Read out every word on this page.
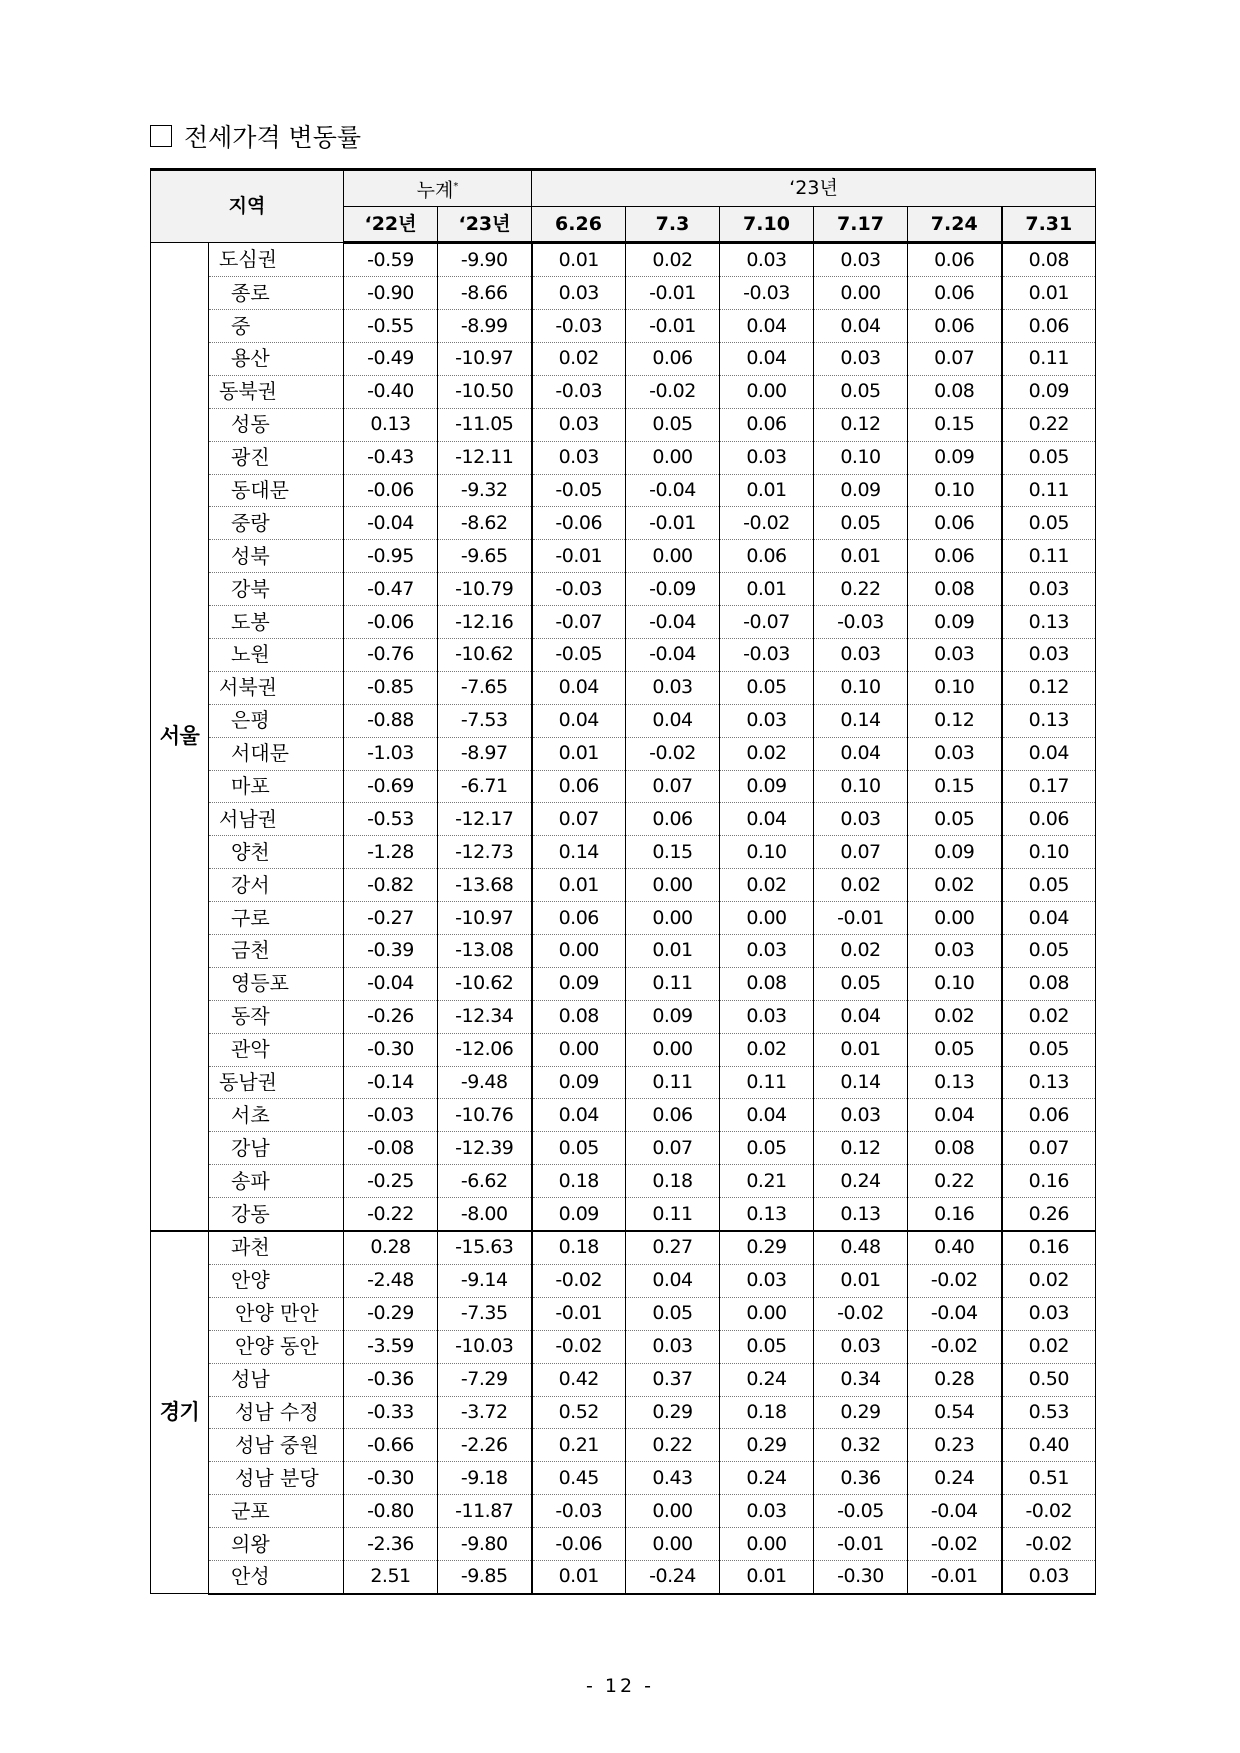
전세가격 변동률
지역		누계*		‘23년					
		‘22년	‘23년	6.26	7.3	7.10	7.17	7.24	7.31
서울	도심권	-0.59	-9.90	0.01	0.02	0.03	0.03	0.06	0.08
	종로	-0.90	-8.66	0.03	-0.01	-0.03	0.00	0.06	0.01
	중	-0.55	-8.99	-0.03	-0.01	0.04	0.04	0.06	0.06
	용산	-0.49	-10.97	0.02	0.06	0.04	0.03	0.07	0.11
	동북권	-0.40	-10.50	-0.03	-0.02	0.00	0.05	0.08	0.09
	성동	0.13	-11.05	0.03	0.05	0.06	0.12	0.15	0.22
	광진	-0.43	-12.11	0.03	0.00	0.03	0.10	0.09	0.05
	동대문	-0.06	-9.32	-0.05	-0.04	0.01	0.09	0.10	0.11
	중랑	-0.04	-8.62	-0.06	-0.01	-0.02	0.05	0.06	0.05
	성북	-0.95	-9.65	-0.01	0.00	0.06	0.01	0.06	0.11
	강북	-0.47	-10.79	-0.03	-0.09	0.01	0.22	0.08	0.03
	도봉	-0.06	-12.16	-0.07	-0.04	-0.07	-0.03	0.09	0.13
	노원	-0.76	-10.62	-0.05	-0.04	-0.03	0.03	0.03	0.03
	서북권	-0.85	-7.65	0.04	0.03	0.05	0.10	0.10	0.12
	은평	-0.88	-7.53	0.04	0.04	0.03	0.14	0.12	0.13
	서대문	-1.03	-8.97	0.01	-0.02	0.02	0.04	0.03	0.04
	마포	-0.69	-6.71	0.06	0.07	0.09	0.10	0.15	0.17
	서남권	-0.53	-12.17	0.07	0.06	0.04	0.03	0.05	0.06
	양천	-1.28	-12.73	0.14	0.15	0.10	0.07	0.09	0.10
	강서	-0.82	-13.68	0.01	0.00	0.02	0.02	0.02	0.05
	구로	-0.27	-10.97	0.06	0.00	0.00	-0.01	0.00	0.04
	금천	-0.39	-13.08	0.00	0.01	0.03	0.02	0.03	0.05
	영등포	-0.04	-10.62	0.09	0.11	0.08	0.05	0.10	0.08
	동작	-0.26	-12.34	0.08	0.09	0.03	0.04	0.02	0.02
	관악	-0.30	-12.06	0.00	0.00	0.02	0.01	0.05	0.05
	동남권	-0.14	-9.48	0.09	0.11	0.11	0.14	0.13	0.13
	서초	-0.03	-10.76	0.04	0.06	0.04	0.03	0.04	0.06
	강남	-0.08	-12.39	0.05	0.07	0.05	0.12	0.08	0.07
	송파	-0.25	-6.62	0.18	0.18	0.21	0.24	0.22	0.16
	강동	-0.22	-8.00	0.09	0.11	0.13	0.13	0.16	0.26
경기	과천	0.28	-15.63	0.18	0.27	0.29	0.48	0.40	0.16
	안양	-2.48	-9.14	-0.02	0.04	0.03	0.01	-0.02	0.02
	안양 만안	-0.29	-7.35	-0.01	0.05	0.00	-0.02	-0.04	0.03
	안양 동안	-3.59	-10.03	-0.02	0.03	0.05	0.03	-0.02	0.02
	성남	-0.36	-7.29	0.42	0.37	0.24	0.34	0.28	0.50
	성남 수정	-0.33	-3.72	0.52	0.29	0.18	0.29	0.54	0.53
	성남 중원	-0.66	-2.26	0.21	0.22	0.29	0.32	0.23	0.40
	성남 분당	-0.30	-9.18	0.45	0.43	0.24	0.36	0.24	0.51
	군포	-0.80	-11.87	-0.03	0.00	0.03	-0.05	-0.04	-0.02
	의왕	-2.36	-9.80	-0.06	0.00	0.00	-0.01	-0.02	-0.02
	안성	2.51	-9.85	0.01	-0.24	0.01	-0.30	-0.01	0.03
- 12 -
